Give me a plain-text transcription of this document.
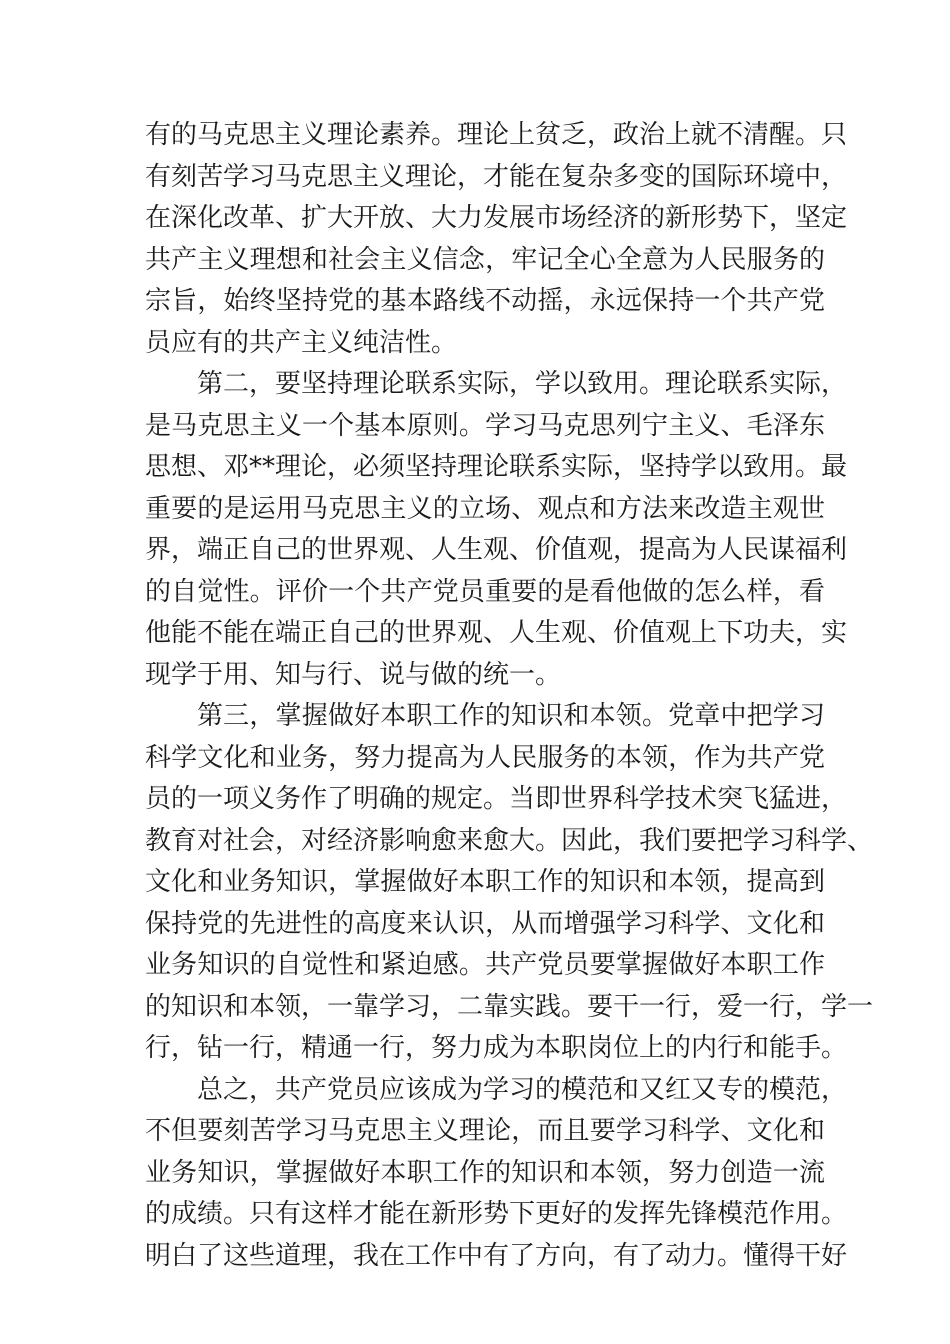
有的马克思主义理论素养。理论上贫乏，政治上就不清醒。只
有刻苦学习马克思主义理论，才能在复杂多变的国际环境中，
在深化改革、扩大开放、大力发展市场经济的新形势下，坚定
共产主义理想和社会主义信念，牢记全心全意为人民服务的
宗旨，始终坚持党的基本路线不动摇，永远保持一个共产党
员应有的共产主义纯洁性。
第二，要坚持理论联系实际，学以致用。理论联系实际，
是马克思主义一个基本原则。学习马克思列宁主义、毛泽东
思想、邓**理论，必须坚持理论联系实际，坚持学以致用。最
重要的是运用马克思主义的立场、观点和方法来改造主观世
界，端正自己的世界观、人生观、价值观，提高为人民谋福利
的自觉性。评价一个共产党员重要的是看他做的怎么样，看
他能不能在端正自己的世界观、人生观、价值观上下功夫，实
现学于用、知与行、说与做的统一。
第三，掌握做好本职工作的知识和本领。党章中把学习
科学文化和业务，努力提高为人民服务的本领，作为共产党
员的一项义务作了明确的规定。当即世界科学技术突飞猛进，
教育对社会，对经济影响愈来愈大。因此，我们要把学习科学、
文化和业务知识，掌握做好本职工作的知识和本领，提高到
保持党的先进性的高度来认识，从而增强学习科学、文化和
业务知识的自觉性和紧迫感。共产党员要掌握做好本职工作
的知识和本领，一靠学习，二靠实践。要干一行，爱一行，学一
行，钻一行，精通一行，努力成为本职岗位上的内行和能手。
总之，共产党员应该成为学习的模范和又红又专的模范，
不但要刻苦学习马克思主义理论，而且要学习科学、文化和
业务知识，掌握做好本职工作的知识和本领，努力创造一流
的成绩。只有这样才能在新形势下更好的发挥先锋模范作用。
明白了这些道理，我在工作中有了方向，有了动力。懂得干好
